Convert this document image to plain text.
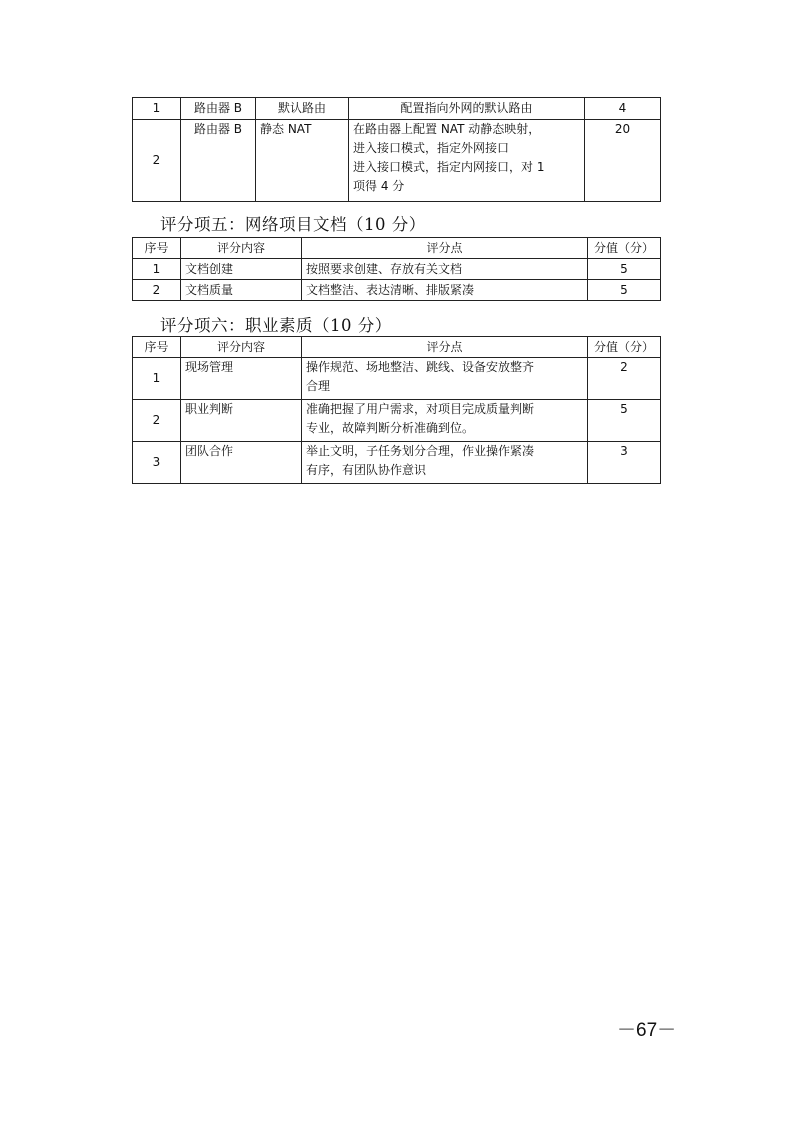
1	路由器 B	默认路由	配置指向外网的默认路由	4
2	路由器 B	静态 NAT	在路由器上配置 NAT 动静态映射，
进入接口模式，指定外网接口
进入接口模式，指定内网接口，对 1
项得 4 分	20
评分项五：网络项目文档（10 分）
序号	评分内容	评分点	分值（分）
1	文档创建	按照要求创建、存放有关文档	5
2	文档质量	文档整洁、表达清晰、排版紧凑	5
评分项六：职业素质（10 分）
序号	评分内容	评分点	分值（分）
1	现场管理	操作规范、场地整洁、跳线、设备安放整齐
合理	2
2	职业判断	准确把握了用户需求，对项目完成质量判断
专业，故障判断分析准确到位。	5
3	团队合作	举止文明，子任务划分合理，作业操作紧凑
有序，有团队协作意识	3
－67－
